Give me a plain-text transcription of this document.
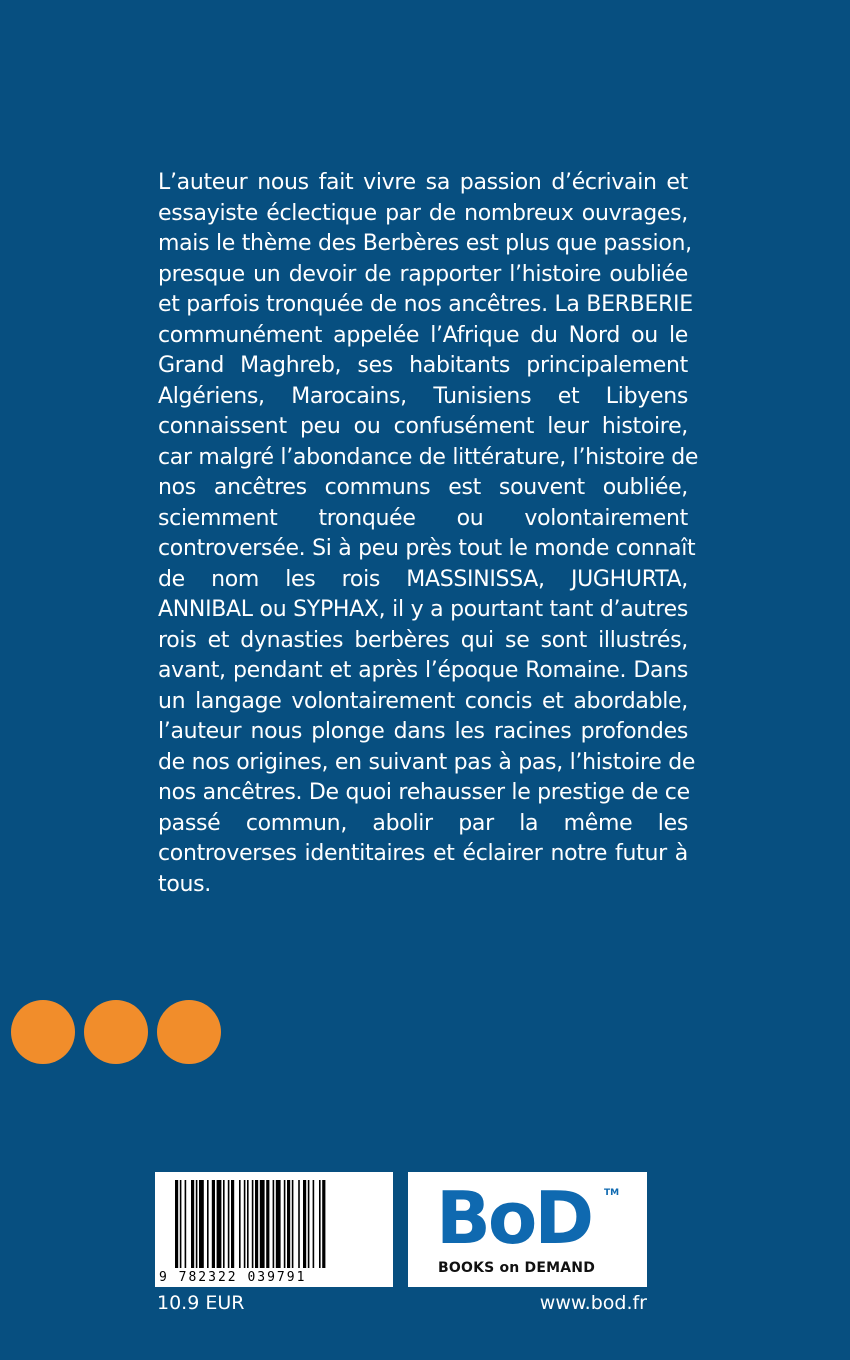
L’auteur nous fait vivre sa passion d’écrivain et
essayiste éclectique par de nombreux ouvrages,
mais le thème des Berbères est plus que passion,
presque un devoir de rapporter l’histoire oubliée
et parfois tronquée de nos ancêtres. La BERBERIE
communément appelée l’Afrique du Nord ou le
Grand Maghreb, ses habitants principalement
Algériens, Marocains, Tunisiens et Libyens
connaissent peu ou confusément leur histoire,
car malgré l’abondance de littérature, l’histoire de
nos ancêtres communs est souvent oubliée,
sciemment tronquée ou volontairement
controversée. Si à peu près tout le monde connaît
de nom les rois MASSINISSA, JUGHURTA,
ANNIBAL ou SYPHAX, il y a pourtant tant d’autres
rois et dynasties berbères qui se sont illustrés,
avant, pendant et après l’époque Romaine. Dans
un langage volontairement concis et abordable,
l’auteur nous plonge dans les racines profondes
de nos origines, en suivant pas à pas, l’histoire de
nos ancêtres. De quoi rehausser le prestige de ce
passé commun, abolir par la même les
controverses identitaires et éclairer notre futur à
tous.
9 782322 039791
BoD TM
BOOKS on DEMAND
10.9 EUR	www.bod.fr
